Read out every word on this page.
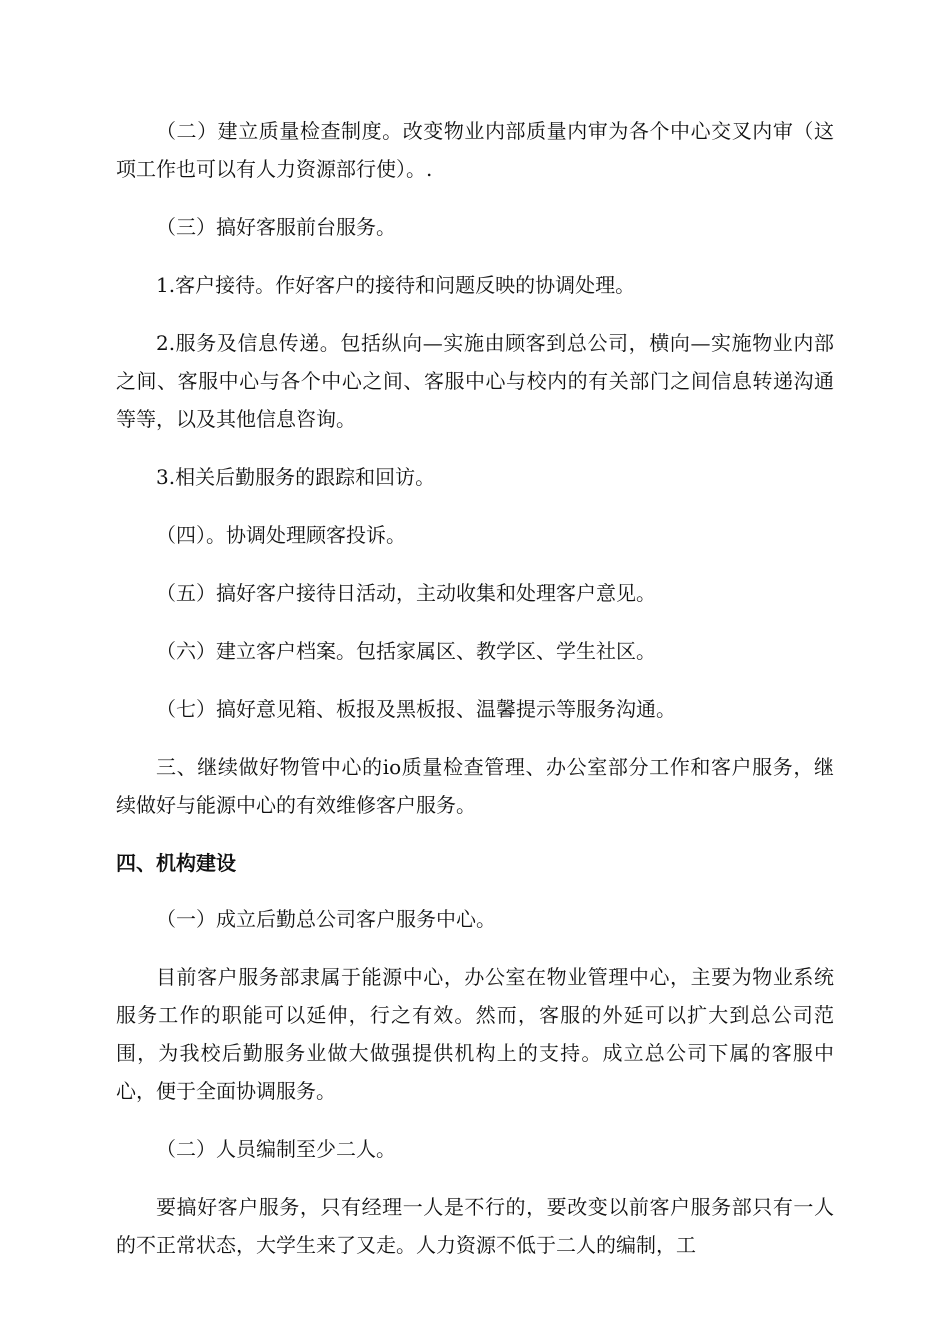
（二）建立质量检查制度。改变物业内部质量内审为各个中心交叉内审（这项工作也可以有人力资源部行使）。.

（三）搞好客服前台服务。

1.客户接待。作好客户的接待和问题反映的协调处理。

2.服务及信息传递。包括纵向—实施由顾客到总公司，横向—实施物业内部之间、客服中心与各个中心之间、客服中心与校内的有关部门之间信息转递沟通等等，以及其他信息咨询。

3.相关后勤服务的跟踪和回访。

（四）。协调处理顾客投诉。

（五）搞好客户接待日活动，主动收集和处理客户意见。

（六）建立客户档案。包括家属区、教学区、学生社区。

（七）搞好意见箱、板报及黑板报、温馨提示等服务沟通。

三、继续做好物管中心的io质量检查管理、办公室部分工作和客户服务，继续做好与能源中心的有效维修客户服务。

四、机构建设

（一）成立后勤总公司客户服务中心。

目前客户服务部隶属于能源中心，办公室在物业管理中心，主要为物业系统服务工作的职能可以延伸，行之有效。然而，客服的外延可以扩大到总公司范围，为我校后勤服务业做大做强提供机构上的支持。成立总公司下属的客服中心，便于全面协调服务。

（二）人员编制至少二人。

要搞好客户服务，只有经理一人是不行的，要改变以前客户服务部只有一人的不正常状态，大学生来了又走。人力资源不低于二人的编制，工
